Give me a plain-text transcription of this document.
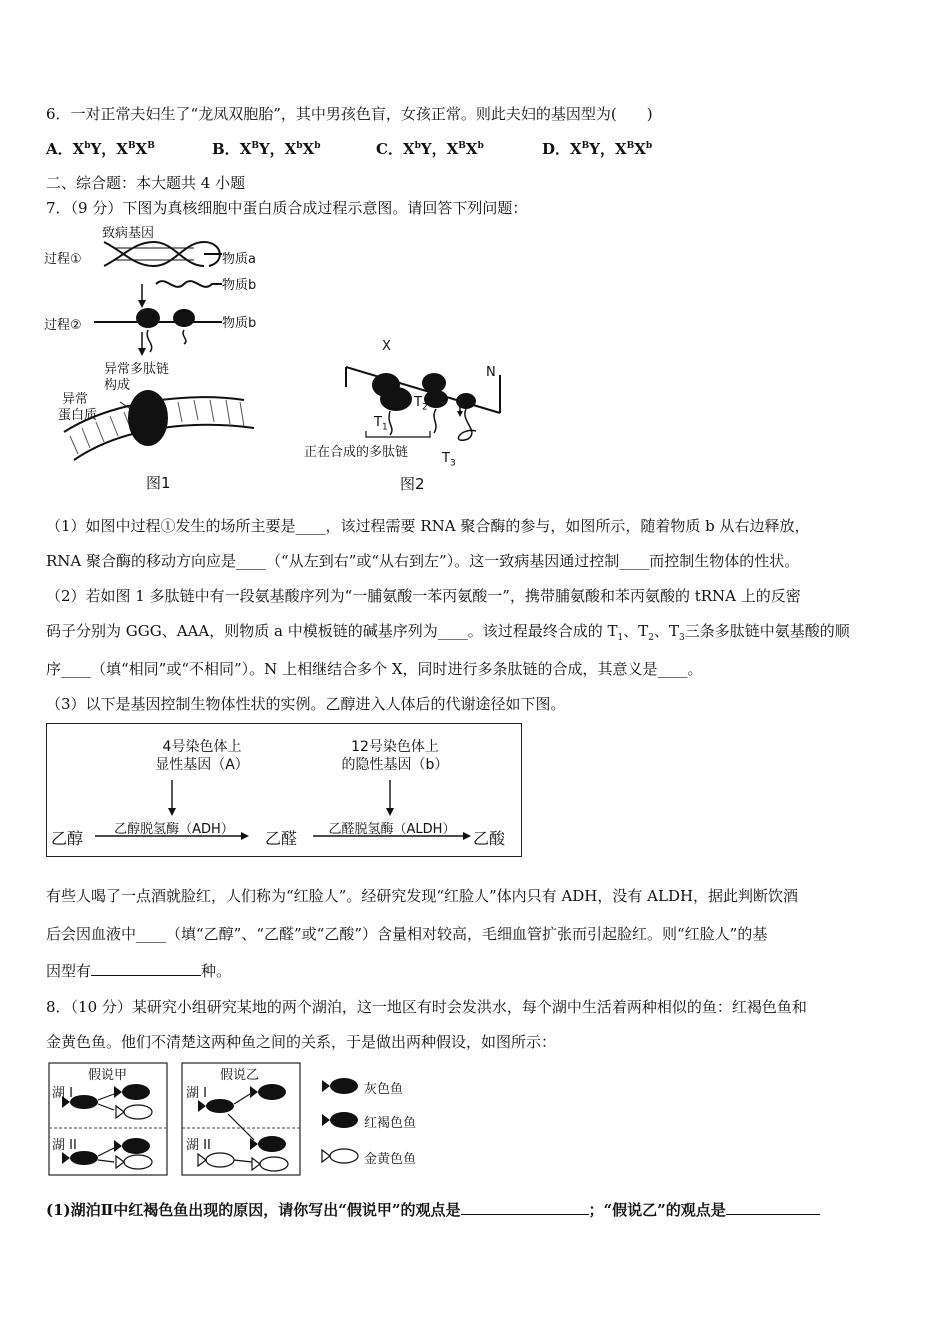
6．一对正常夫妇生了“龙凤双胞胎”，其中男孩色盲，女孩正常。则此夫妇的基因型为(　　)
A．$X^bY$，$X^BX^B$	B．$X^BY$，$X^bX^b$	C．$X^bY$，$X^BX^b$	D．$X^BY$，$X^BX^b$
二、综合题：本大题共 4 小题
7．（9 分）下图为真核细胞中蛋白质合成过程示意图。请回答下列问题：
致病基因
过程①	物质a
物质b
过程②	物质b
异常多肽链
构成
异常
蛋白质
图1
X
N
$T_1$
$T_2$
$T_3$
正在合成的多肽链
图2
（1）如图中过程①发生的场所主要是____，该过程需要 RNA 聚合酶的参与，如图所示，随着物质 b 从右边释放，
RNA 聚合酶的移动方向应是____（“从左到右”或“从右到左”）。这一致病基因通过控制____而控制生物体的性状。
（2）若如图 1 多肽链中有一段氨基酸序列为“一脯氨酸一苯丙氨酸一”，携带脯氨酸和苯丙氨酸的 tRNA 上的反密
码子分别为 GGG、AAA，则物质 a 中模板链的碱基序列为____。该过程最终合成的 $T_1$、$T_2$、$T_3$三条多肽链中氨基酸的顺
序____（填“相同”或“不相同”）。N 上相继结合多个 X，同时进行多条肽链的合成，其意义是____。
（3）以下是基因控制生物体性状的实例。乙醇进入人体后的代谢途径如下图。
4号染色体上
显性基因（A）
12号染色体上
的隐性基因（b）
乙醇	乙醇脱氢酶（ADH）	乙醛	乙醛脱氢酶（ALDH）	乙酸
有些人喝了一点酒就脸红，人们称为“红脸人”。经研究发现“红脸人”体内只有 ADH，没有 ALDH，据此判断饮酒
后会因血液中____（填“乙醇”、“乙醛”或“乙酸”）含量相对较高，毛细血管扩张而引起脸红。则“红脸人”的基
因型有	种。
8．（10 分）某研究小组研究某地的两个湖泊，这一地区有时会发洪水，每个湖中生活着两种相似的鱼：红褐色鱼和
金黄色鱼。他们不清楚这两种鱼之间的关系，于是做出两种假设，如图所示：
假说甲	假说乙
湖 I
湖 II
湖 I
湖 II
灰色鱼
红褐色鱼
金黄色鱼
(1)湖泊Ⅱ中红褐色鱼出现的原因，请你写出“假说甲”的观点是	；“假说乙”的观点是
